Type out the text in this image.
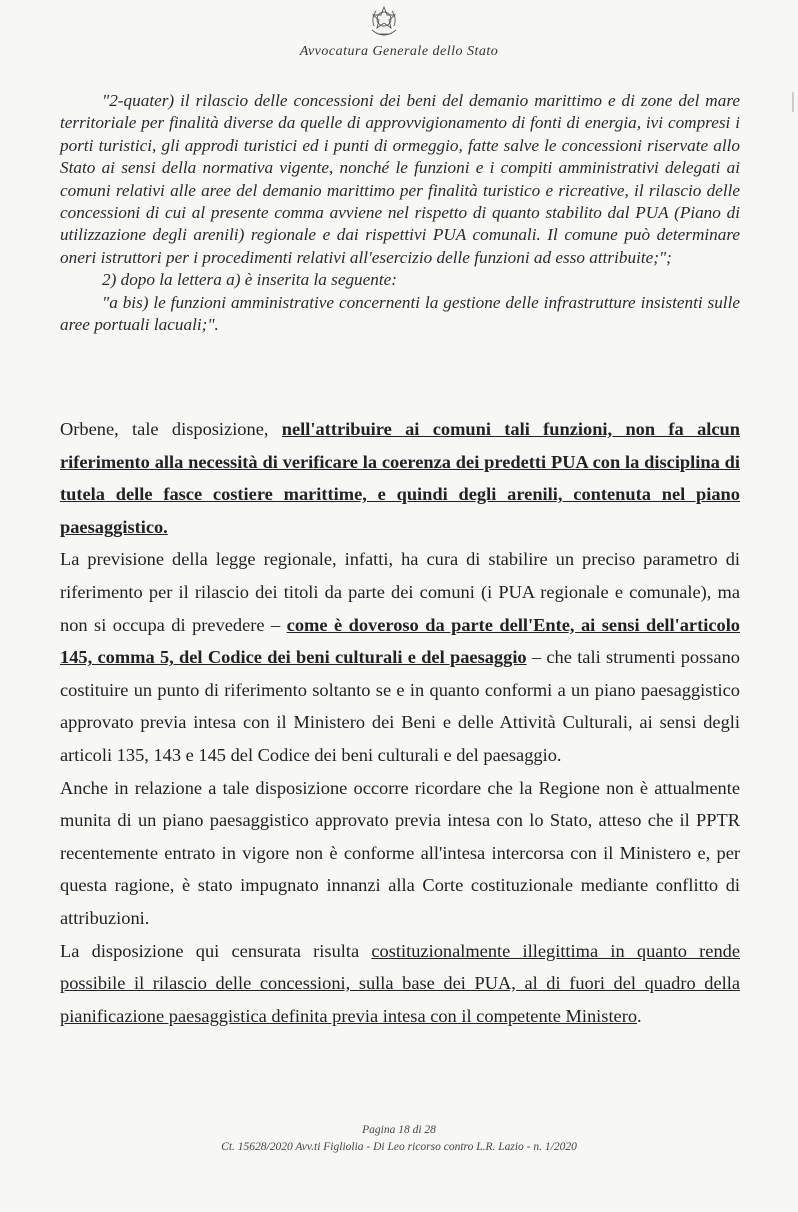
Avvocatura Generale dello Stato

"2-quater) il rilascio delle concessioni dei beni del demanio marittimo e di zone del mare territoriale per finalità diverse da quelle di approvvigionamento di fonti di energia, ivi compresi i porti turistici, gli approdi turistici ed i punti di ormeggio, fatte salve le concessioni riservate allo Stato ai sensi della normativa vigente, nonché le funzioni e i compiti amministrativi delegati ai comuni relativi alle aree del demanio marittimo per finalità turistico e ricreative, il rilascio delle concessioni di cui al presente comma avviene nel rispetto di quanto stabilito dal PUA (Piano di utilizzazione degli arenili) regionale e dai rispettivi PUA comunali. Il comune può determinare oneri istruttori per i procedimenti relativi all'esercizio delle funzioni ad esso attribuite;";

2) dopo la lettera a) è inserita la seguente:

"a bis) le funzioni amministrative concernenti la gestione delle infrastrutture insistenti sulle aree portuali lacuali;".

Orbene, tale disposizione, nell'attribuire ai comuni tali funzioni, non fa alcun riferimento alla necessità di verificare la coerenza dei predetti PUA con la disciplina di tutela delle fasce costiere marittime, e quindi degli arenili, contenuta nel piano paesaggistico.

La previsione della legge regionale, infatti, ha cura di stabilire un preciso parametro di riferimento per il rilascio dei titoli da parte dei comuni (i PUA regionale e comunale), ma non si occupa di prevedere – come è doveroso da parte dell'Ente, ai sensi dell'articolo 145, comma 5, del Codice dei beni culturali e del paesaggio – che tali strumenti possano costituire un punto di riferimento soltanto se e in quanto conformi a un piano paesaggistico approvato previa intesa con il Ministero dei Beni e delle Attività Culturali, ai sensi degli articoli 135, 143 e 145 del Codice dei beni culturali e del paesaggio.

Anche in relazione a tale disposizione occorre ricordare che la Regione non è attualmente munita di un piano paesaggistico approvato previa intesa con lo Stato, atteso che il PPTR recentemente entrato in vigore non è conforme all'intesa intercorsa con il Ministero e, per questa ragione, è stato impugnato innanzi alla Corte costituzionale mediante conflitto di attribuzioni.

La disposizione qui censurata risulta costituzionalmente illegittima in quanto rende possibile il rilascio delle concessioni, sulla base dei PUA, al di fuori del quadro della pianificazione paesaggistica definita previa intesa con il competente Ministero.

Pagina 18 di 28
Ct. 15628/2020 Avv.ti Figliolia - Di Leo ricorso contro L.R. Lazio - n. 1/2020
